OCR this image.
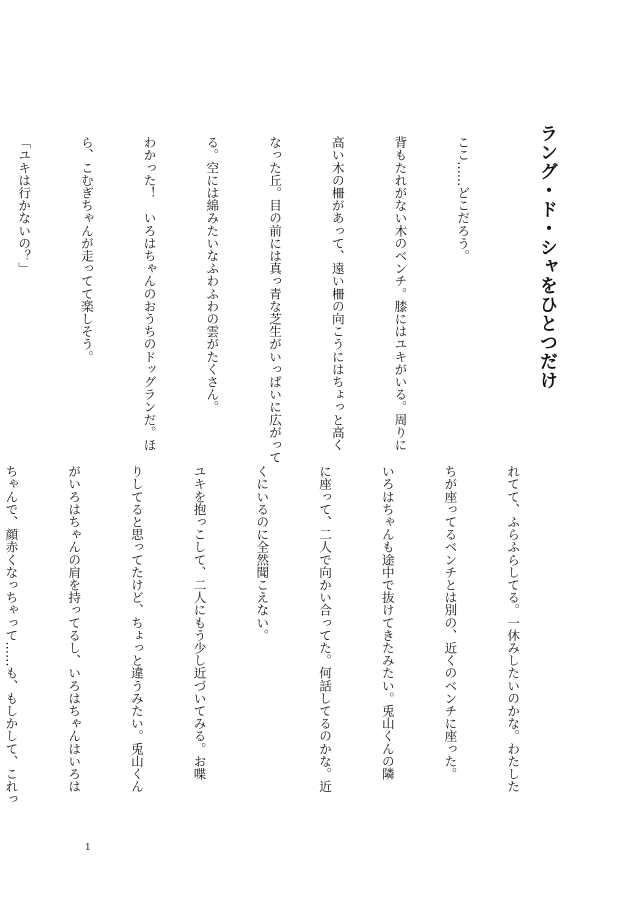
ラング・ド・シャをひとつだけ

ここ……どこだろう。

背もたれがない木のベンチ。膝にはユキがいる。周りに

高い木の柵があって、遠い柵の向こうにはちょっと高く

なった丘。目の前には真っ青な芝生がいっぱいに広がって

る。空には綿みたいなふわふわの雲がたくさん。

わかった！　いろはちゃんのおうちのドッグランだ。ほ

ら、こむぎちゃんが走ってて楽しそう。

「ユキは行かないの？」

れてて、ふらふらしてる。一休みしたいのかな。わたした

ちが座ってるベンチとは別の、近くのベンチに座った。

いろはちゃんも途中で抜けてきたみたい。兎山くんの隣

に座って、二人で向かい合ってた。何話してるのかな。近

くにいるのに全然聞こえない。

ユキを抱っこして、二人にもう少し近づいてみる。お喋

りしてると思ってたけど、ちょっと違うみたい。兎山くん

がいろはちゃんの肩を持ってるし、いろはちゃんはいろは

ちゃんで、顔赤くなっちゃって……も、もしかして、これっ

1
